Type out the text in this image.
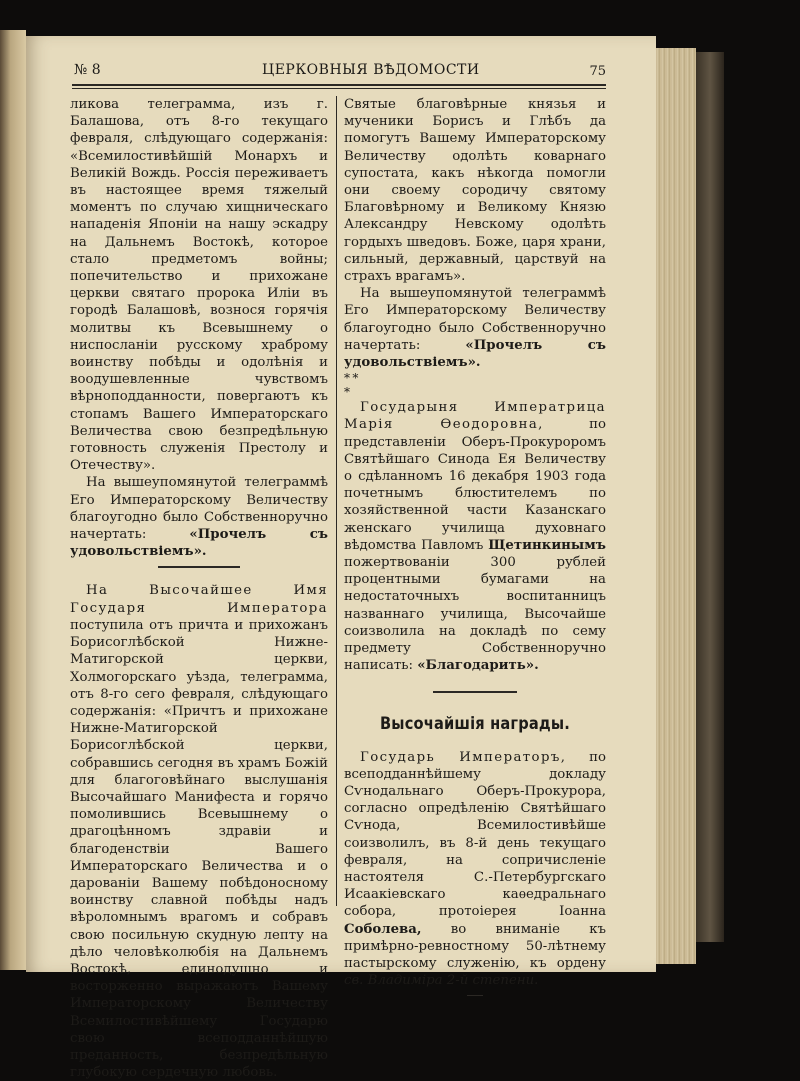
№ 8	ЦЕРКОВНЫЯ ВѢДОМОСТИ	75

ликова телеграмма, изъ г. Балашова, отъ 8-го текущаго февраля, слѣдующаго содержанія: «Всемилостивѣйшій Монархъ и Великій Вождь. Россія переживаетъ въ настоящее время тяжелый моментъ по случаю хищническаго нападенія Японіи на нашу эскадру на Дальнемъ Востокѣ, которое стало предметомъ войны; попечительство и прихожане церкви святаго пророка Иліи въ городѣ Балашовѣ, вознося горячія молитвы къ Всевышнему о ниспосланіи русскому храброму воинству побѣды и одолѣнія и воодушевленные чувствомъ вѣрноподданности, повергаютъ къ стопамъ Вашего Императорскаго Величества свою безпредѣльную готовность служенія Престолу и Отечеству».

На вышеупомянутой телеграммѣ Его Императорскому Величеству благоугодно было Собственноручно начертать:	«Прочелъ съ удовольствіемъ».

На Высочайшее Имя Государя Императора поступила отъ причта и прихожанъ Борисоглѣбской Нижне-Матигорской церкви, Холмогорскаго уѣзда, телеграмма, отъ 8-го сего февраля, слѣдующаго содержанія: «Причтъ и прихожане Нижне-Матигорской Борисоглѣбской церкви, собравшись сегодня въ храмъ Божій для благоговѣйнаго выслушанія Высочайшаго Манифеста и горячо помолившись Всевышнему о драгоцѣнномъ здравіи и благоденствіи Вашего Императорскаго Величества и о дарованіи Вашему побѣдоносному воинству славной побѣды надъ вѣроломнымъ врагомъ и собравъ свою посильную скудную лепту на дѣло человѣколюбія на Дальнемъ Востокѣ, единодушно и восторженно выражаютъ Вашему Императорскому Величеству Всемилостивѣйшему Государю свою всеподданнѣйшую преданность, безпредѣльную глубокую сердечную любовь.

Святые благовѣрные князья и мученики Борисъ и Глѣбъ да помогутъ Вашему Императорскому Величеству одолѣть коварнаго супостата, какъ нѣкогда помогли они своему сородичу святому Благовѣрному и Великому Князю Александру Невскому одолѣть гордыхъ шведовъ. Боже, царя храни, сильный, державный, царствуй на страхъ врагамъ».

На вышеупомянутой телеграммѣ Его Императорскому Величеству благоугодно было Собственноручно начертать:	«Прочелъ съ удовольствіемъ».

* *
*

Государыня Императрица Марія Ѳеодоровна,	по представленіи Оберъ-Прокуроромъ Святѣйшаго Синода Ея Величеству о сдѣланномъ 16 декабря 1903 года почетнымъ блюстителемъ по хозяйственной части Казанскаго женскаго училища духовнаго вѣдомства Павломъ Щетинкинымъ пожертвованіи 300 рублей процентными бумагами на недостаточныхъ воспитанницъ названнаго училища, Высочайше соизволила на докладѣ по сему предмету Собственноручно написать: «Благодарить».

Высочайшія награды.

Государь Императоръ, по всеподданнѣйшему докладу Сѵнодальнаго Оберъ-Прокурора, согласно опредѣленію Святѣйшаго Сѵнода, Всемилостивѣйше соизволилъ, въ 8-й день текущаго февраля, на сопричисленіе настоятеля С.-Петербургскаго Исаакіевскаго каѳедральнаго собора, протоіерея Іоанна Соболева, во вниманіе къ примѣрно-ревностному 50-лѣтнему пастырскому служенію, къ ордену св. Владиміра 2-й степени.
